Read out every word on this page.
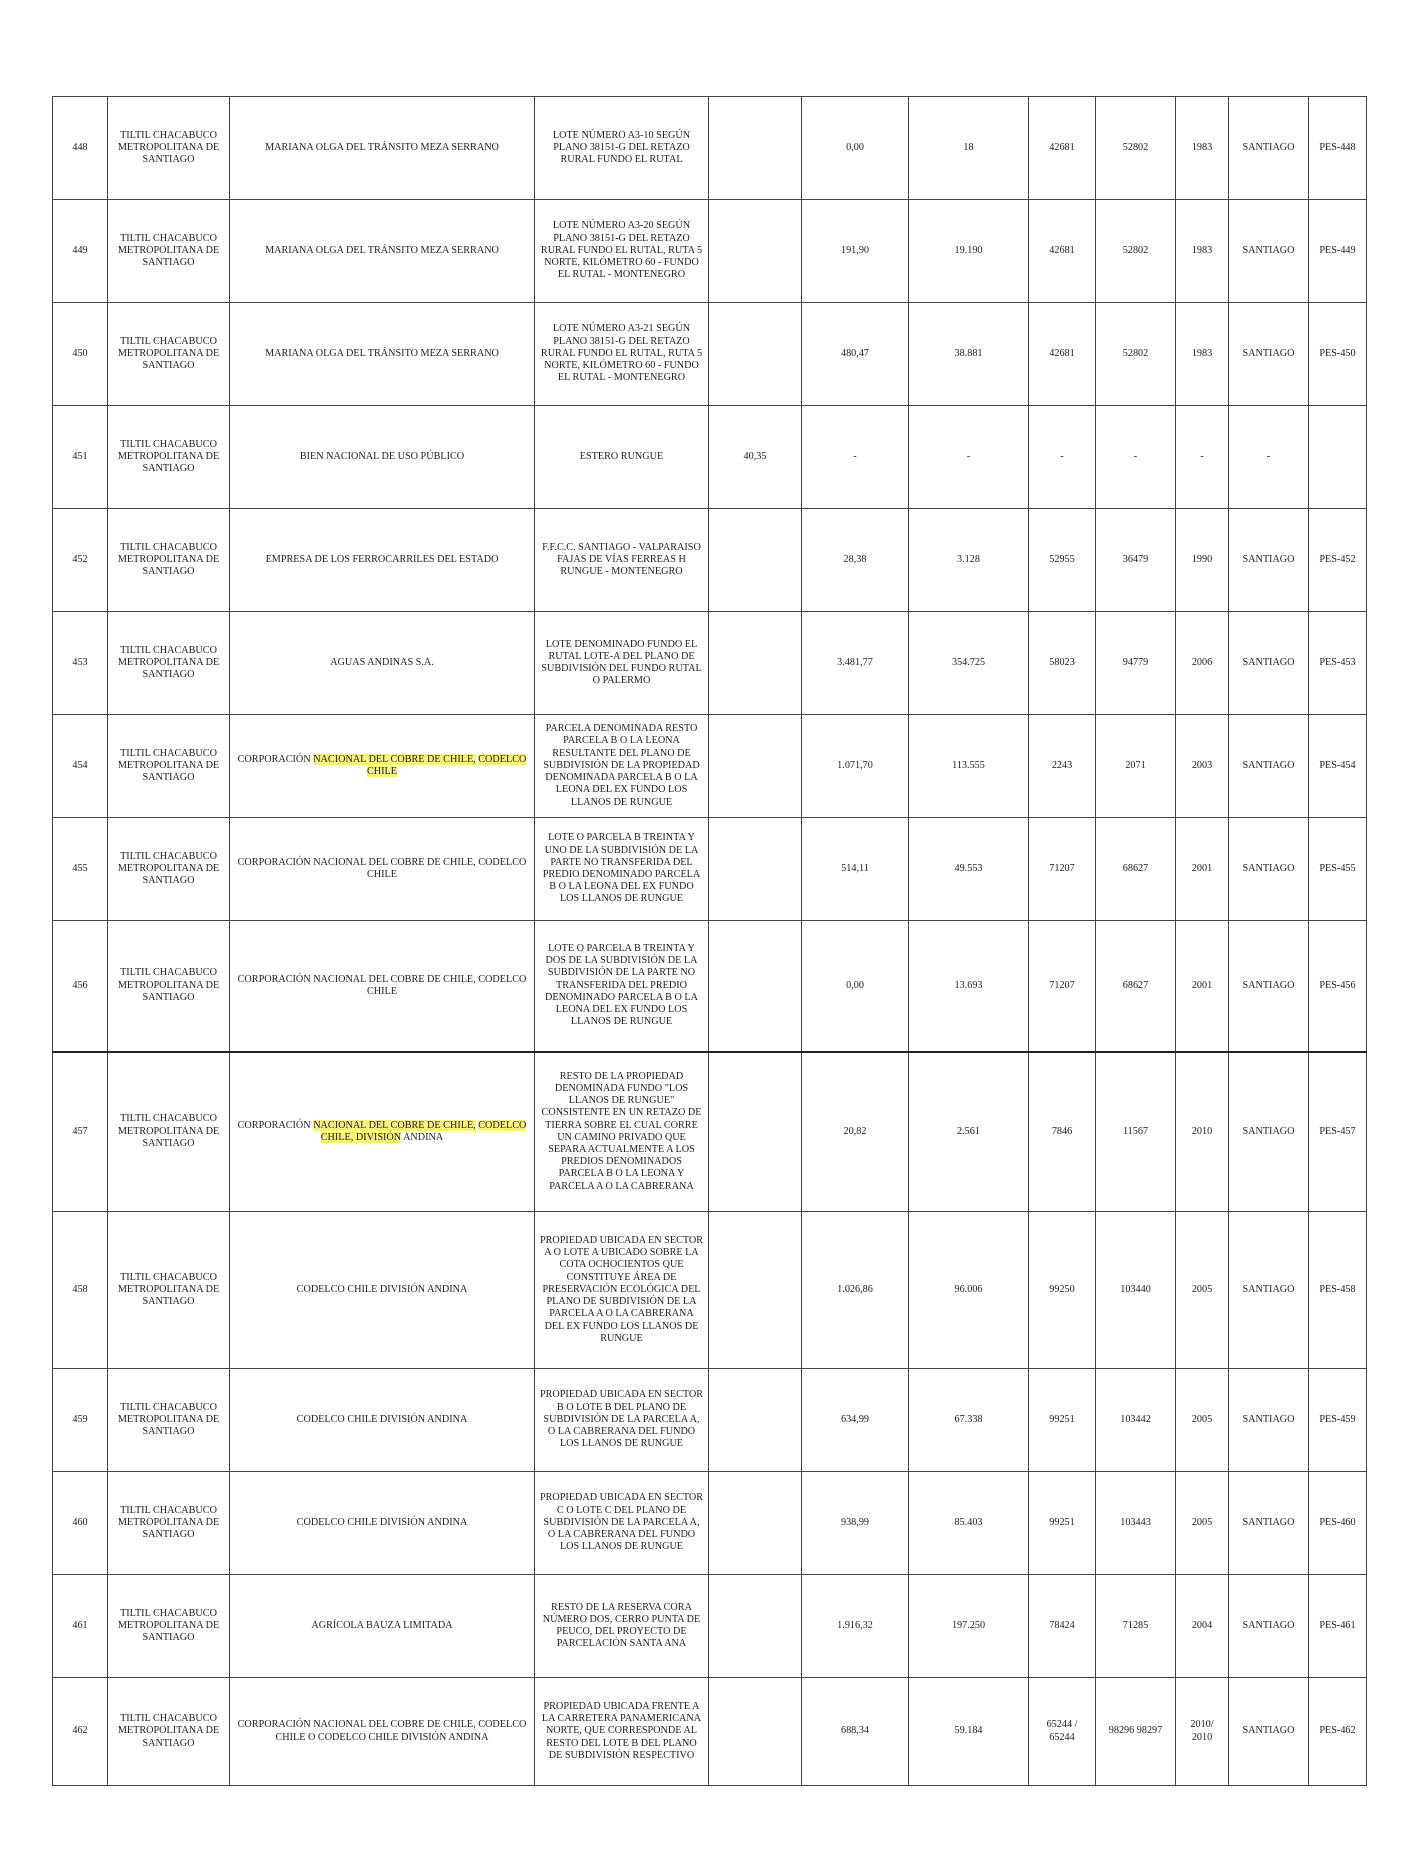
448	TILTIL CHACABUCO METROPOLITANA DE SANTIAGO	MARIANA OLGA DEL TRÁNSITO MEZA SERRANO	LOTE NÚMERO A3-10 SEGÚN PLANO 38151-G DEL RETAZO RURAL FUNDO EL RUTAL		0,00	18	42681	52802	1983	SANTIAGO	PES-448
449	TILTIL CHACABUCO METROPOLITANA DE SANTIAGO	MARIANA OLGA DEL TRÁNSITO MEZA SERRANO	LOTE NÚMERO A3-20 SEGÚN PLANO 38151-G DEL RETAZO RURAL FUNDO EL RUTAL, RUTA 5 NORTE, KILÓMETRO 60 - FUNDO EL RUTAL - MONTENEGRO		191,90	19.190	42681	52802	1983	SANTIAGO	PES-449
450	TILTIL CHACABUCO METROPOLITANA DE SANTIAGO	MARIANA OLGA DEL TRÁNSITO MEZA SERRANO	LOTE NÚMERO A3-21 SEGÚN PLANO 38151-G DEL RETAZO RURAL FUNDO EL RUTAL, RUTA 5 NORTE, KILÓMETRO 60 - FUNDO EL RUTAL - MONTENEGRO		480,47	38.881	42681	52802	1983	SANTIAGO	PES-450
451	TILTIL CHACABUCO METROPOLITANA DE SANTIAGO	BIEN NACIONAL DE USO PÚBLICO	ESTERO RUNGUE	40,35	-	-	-	-	-	-	
452	TILTIL CHACABUCO METROPOLITANA DE SANTIAGO	EMPRESA DE LOS FERROCARRILES DEL ESTADO	F.F.C.C. SANTIAGO - VALPARAISO FAJAS DE VÍAS FERREAS H RUNGUE - MONTENEGRO		28,38	3.128	52955	36479	1990	SANTIAGO	PES-452
453	TILTIL CHACABUCO METROPOLITANA DE SANTIAGO	AGUAS ANDINAS S.A.	LOTE DENOMINADO FUNDO EL RUTAL LOTE-A DEL PLANO DE SUBDIVISIÓN DEL FUNDO RUTAL O PALERMO		3.481,77	354.725	58023	94779	2006	SANTIAGO	PES-453
454	TILTIL CHACABUCO METROPOLITANA DE SANTIAGO	CORPORACIÓN NACIONAL DEL COBRE DE CHILE, CODELCO CHILE	PARCELA DENOMINADA RESTO PARCELA B O LA LEONA RESULTANTE DEL PLANO DE SUBDIVISIÓN DE LA PROPIEDAD DENOMINADA PARCELA B O LA LEONA DEL EX FUNDO LOS LLANOS DE RUNGUE		1.071,70	113.555	2243	2071	2003	SANTIAGO	PES-454
455	TILTIL CHACABUCO METROPOLITANA DE SANTIAGO	CORPORACIÓN NACIONAL DEL COBRE DE CHILE, CODELCO CHILE	LOTE O PARCELA B TREINTA Y UNO DE LA SUBDIVISIÓN DE LA PARTE NO TRANSFERIDA DEL PREDIO DENOMINADO PARCELA B O LA LEONA DEL EX FUNDO LOS LLANOS DE RUNGUE		514,11	49.553	71207	68627	2001	SANTIAGO	PES-455
456	TILTIL CHACABUCO METROPOLITANA DE SANTIAGO	CORPORACIÓN NACIONAL DEL COBRE DE CHILE, CODELCO CHILE	LOTE O PARCELA B TREINTA Y DOS DE LA SUBDIVISIÓN DE LA SUBDIVISIÓN DE LA PARTE NO TRANSFERIDA DEL PREDIO DENOMINADO PARCELA B O LA LEONA DEL EX FUNDO LOS LLANOS DE RUNGUE		0,00	13.693	71207	68627	2001	SANTIAGO	PES-456
457	TILTIL CHACABUCO METROPOLITANA DE SANTIAGO	CORPORACIÓN NACIONAL DEL COBRE DE CHILE, CODELCO CHILE, DIVISIÓN ANDINA	RESTO DE LA PROPIEDAD DENOMINADA FUNDO "LOS LLANOS DE RUNGUE" CONSISTENTE EN UN RETAZO DE TIERRA SOBRE EL CUAL CORRE UN CAMINO PRIVADO QUE SEPARA ACTUALMENTE A LOS PREDIOS DENOMINADOS PARCELA B O LA LEONA Y PARCELA A O LA CABRERANA		20,82	2.561	7846	11567	2010	SANTIAGO	PES-457
458	TILTIL CHACABUCO METROPOLITANA DE SANTIAGO	CODELCO CHILE DIVISIÓN ANDINA	PROPIEDAD UBICADA EN SECTOR A O LOTE A UBICADO SOBRE LA COTA OCHOCIENTOS QUE CONSTITUYE ÁREA DE PRESERVACIÓN ECOLÓGICA DEL PLANO DE SUBDIVISIÓN DE LA PARCELA A O LA CABRERANA DEL EX FUNDO LOS LLANOS DE RUNGUE		1.026,86	96.006	99250	103440	2005	SANTIAGO	PES-458
459	TILTIL CHACABUCO METROPOLITANA DE SANTIAGO	CODELCO CHILE DIVISIÓN ANDINA	PROPIEDAD UBICADA EN SECTOR B O LOTE B DEL PLANO DE SUBDIVISIÓN DE LA PARCELA A, O LA CABRERANA DEL FUNDO LOS LLANOS DE RUNGUE		634,99	67.338	99251	103442	2005	SANTIAGO	PES-459
460	TILTIL CHACABUCO METROPOLITANA DE SANTIAGO	CODELCO CHILE DIVISIÓN ANDINA	PROPIEDAD UBICADA EN SECTOR C O LOTE C DEL PLANO DE SUBDIVISIÓN DE LA PARCELA A, O LA CABRERANA DEL FUNDO LOS LLANOS DE RUNGUE		938,99	85.403	99251	103443	2005	SANTIAGO	PES-460
461	TILTIL CHACABUCO METROPOLITANA DE SANTIAGO	AGRÍCOLA BAUZA LIMITADA	RESTO DE LA RESERVA CORA NÚMERO DOS, CERRO PUNTA DE PEUCO, DEL PROYECTO DE PARCELACIÓN SANTA ANA		1.916,32	197.250	78424	71285	2004	SANTIAGO	PES-461
462	TILTIL CHACABUCO METROPOLITANA DE SANTIAGO	CORPORACIÓN NACIONAL DEL COBRE DE CHILE, CODELCO CHILE O CODELCO CHILE DIVISIÓN ANDINA	PROPIEDAD UBICADA FRENTE A LA CARRETERA PANAMERICANA NORTE, QUE CORRESPONDE AL RESTO DEL LOTE B DEL PLANO DE SUBDIVISIÓN RESPECTIVO		688,34	59.184	65244 / 65244	98296 98297	2010/ 2010	SANTIAGO	PES-462
